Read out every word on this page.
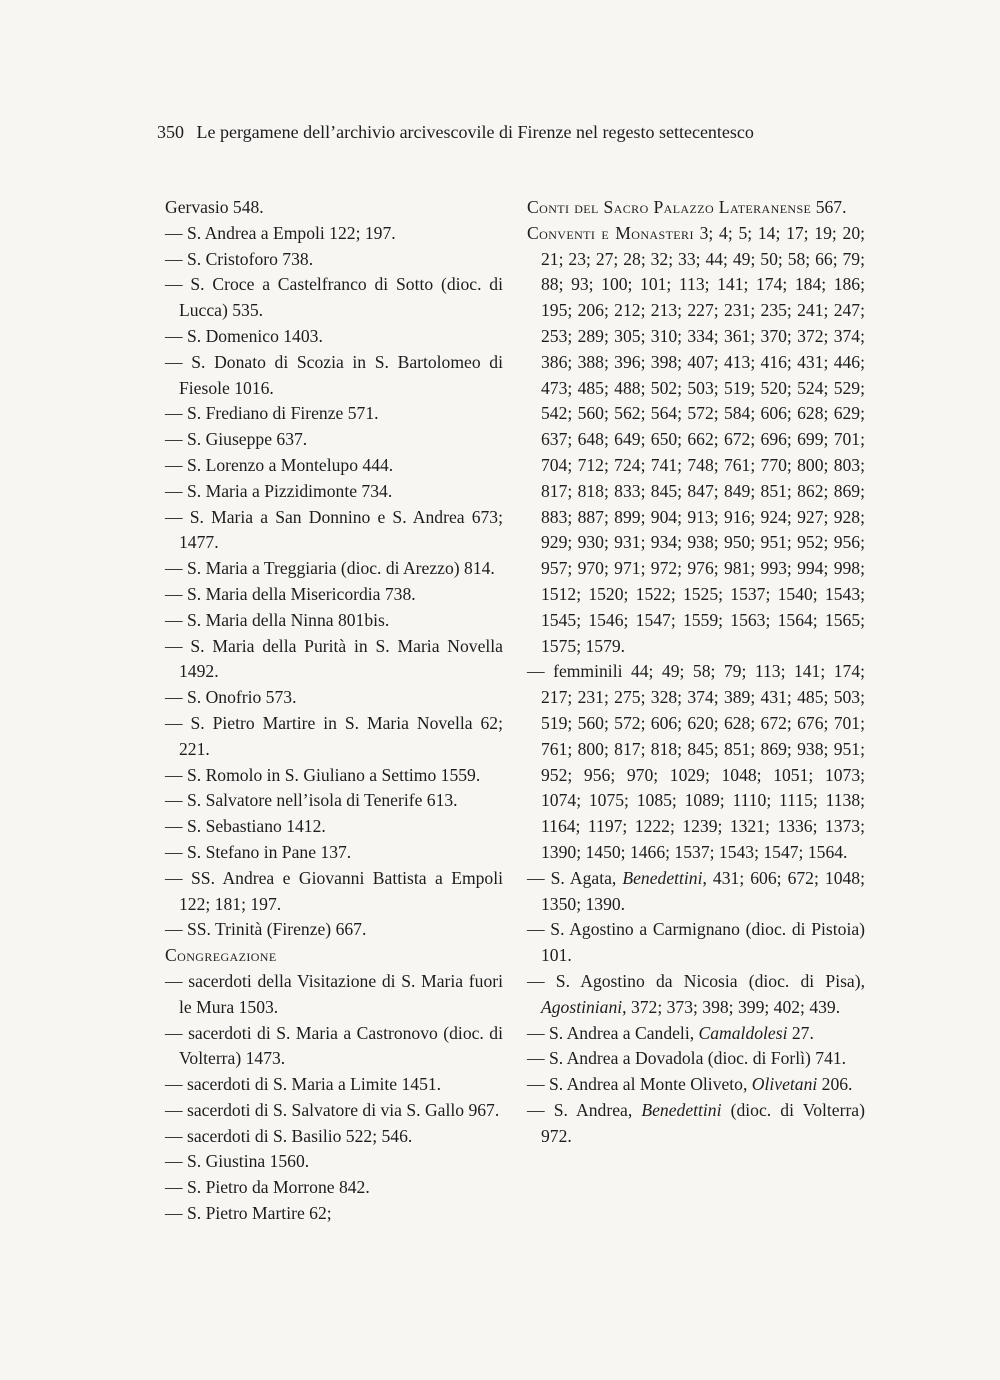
350 Le pergamene dell’archivio arcivescovile di Firenze nel regesto settecentesco
Gervasio 548.
— S. Andrea a Empoli 122; 197.
— S. Cristoforo 738.
— S. Croce a Castelfranco di Sotto (dioc. di Lucca) 535.
— S. Domenico 1403.
— S. Donato di Scozia in S. Bartolomeo di Fiesole 1016.
— S. Frediano di Firenze 571.
— S. Giuseppe 637.
— S. Lorenzo a Montelupo 444.
— S. Maria a Pizzidimonte 734.
— S. Maria a San Donnino e S. Andrea 673; 1477.
— S. Maria a Treggiaria (dioc. di Arezzo) 814.
— S. Maria della Misericordia 738.
— S. Maria della Ninna 801bis.
— S. Maria della Purità in S. Maria Novella 1492.
— S. Onofrio 573.
— S. Pietro Martire in S. Maria Novella 62; 221.
— S. Romolo in S. Giuliano a Settimo 1559.
— S. Salvatore nell’isola di Tenerife 613.
— S. Sebastiano 1412.
— S. Stefano in Pane 137.
— SS. Andrea e Giovanni Battista a Empoli 122; 181; 197.
— SS. Trinità (Firenze) 667.
Congregazione
— sacerdoti della Visitazione di S. Maria fuori le Mura 1503.
— sacerdoti di S. Maria a Castronovo (dioc. di Volterra) 1473.
— sacerdoti di S. Maria a Limite 1451.
— sacerdoti di S. Salvatore di via S. Gallo 967.
— sacerdoti di S. Basilio 522; 546.
— S. Giustina 1560.
— S. Pietro da Morrone 842.
— S. Pietro Martire 62;
Conti del Sacro Palazzo Lateranense 567.
Conventi e Monasteri 3; 4; 5; 14; 17; 19; 20; 21; 23; 27; 28; 32; 33; 44; 49; 50; 58; 66; 79; 88; 93; 100; 101; 113; 141; 174; 184; 186; 195; 206; 212; 213; 227; 231; 235; 241; 247; 253; 289; 305; 310; 334; 361; 370; 372; 374; 386; 388; 396; 398; 407; 413; 416; 431; 446; 473; 485; 488; 502; 503; 519; 520; 524; 529; 542; 560; 562; 564; 572; 584; 606; 628; 629; 637; 648; 649; 650; 662; 672; 696; 699; 701; 704; 712; 724; 741; 748; 761; 770; 800; 803; 817; 818; 833; 845; 847; 849; 851; 862; 869; 883; 887; 899; 904; 913; 916; 924; 927; 928; 929; 930; 931; 934; 938; 950; 951; 952; 956; 957; 970; 971; 972; 976; 981; 993; 994; 998; 1512; 1520; 1522; 1525; 1537; 1540; 1543; 1545; 1546; 1547; 1559; 1563; 1564; 1565; 1575; 1579.
— femminili 44; 49; 58; 79; 113; 141; 174; 217; 231; 275; 328; 374; 389; 431; 485; 503; 519; 560; 572; 606; 620; 628; 672; 676; 701; 761; 800; 817; 818; 845; 851; 869; 938; 951; 952; 956; 970; 1029; 1048; 1051; 1073; 1074; 1075; 1085; 1089; 1110; 1115; 1138; 1164; 1197; 1222; 1239; 1321; 1336; 1373; 1390; 1450; 1466; 1537; 1543; 1547; 1564.
— S. Agata, Benedettini, 431; 606; 672; 1048; 1350; 1390.
— S. Agostino a Carmignano (dioc. di Pistoia) 101.
— S. Agostino da Nicosia (dioc. di Pisa), Agostiniani, 372; 373; 398; 399; 402; 439.
— S. Andrea a Candeli, Camaldolesi 27.
— S. Andrea a Dovadola (dioc. di Forlì) 741.
— S. Andrea al Monte Oliveto, Olivetani 206.
— S. Andrea, Benedettini (dioc. di Volterra) 972.
